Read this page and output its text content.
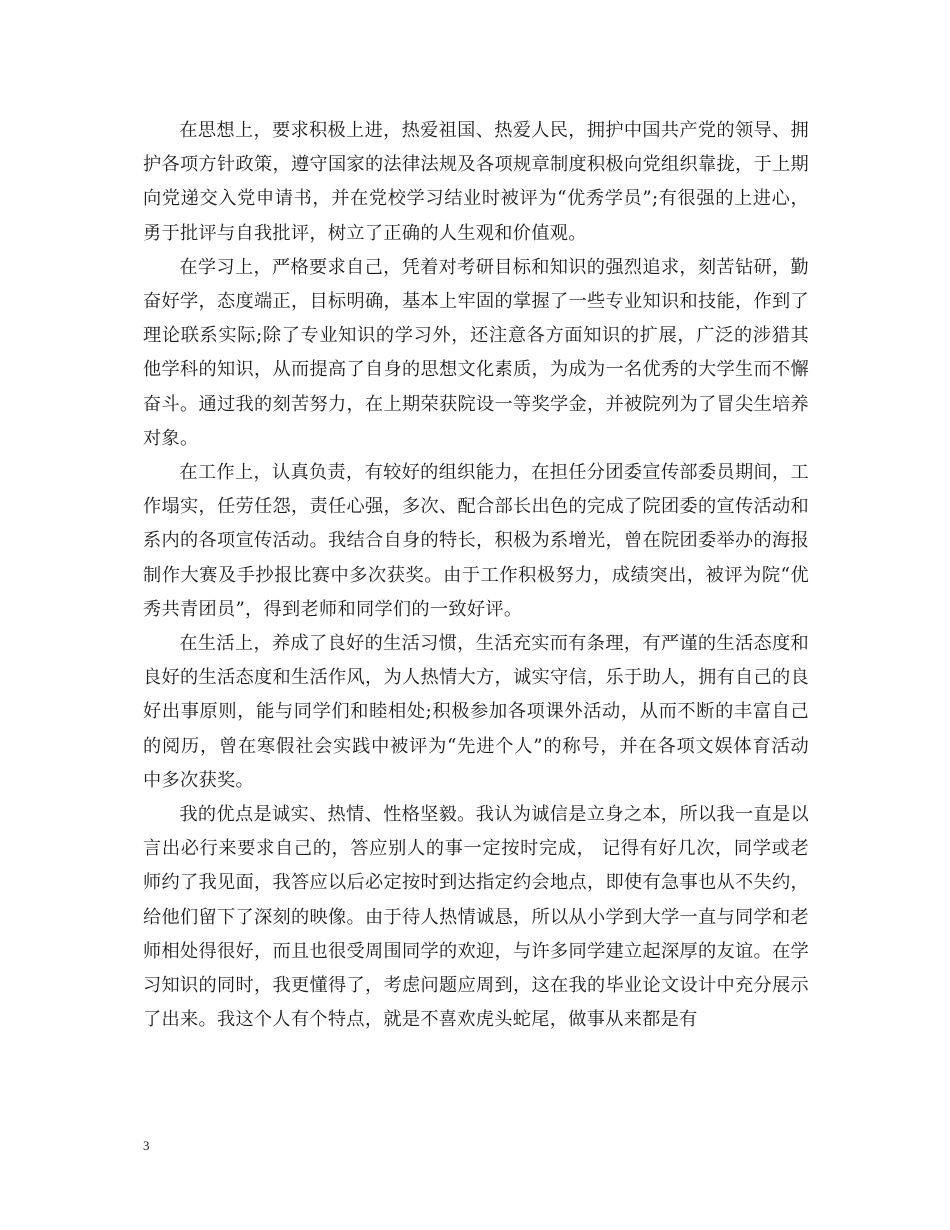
在思想上，要求积极上进，热爱祖国、热爱人民，拥护中国共产党的领导、拥护各项方针政策，遵守国家的法律法规及各项规章制度积极向党组织靠拢，于上期向党递交入党申请书，并在党校学习结业时被评为“优秀学员”;有很强的上进心，勇于批评与自我批评，树立了正确的人生观和价值观。

在学习上，严格要求自己，凭着对考研目标和知识的强烈追求，刻苦钻研，勤奋好学，态度端正，目标明确，基本上牢固的掌握了一些专业知识和技能，作到了理论联系实际;除了专业知识的学习外，还注意各方面知识的扩展，广泛的涉猎其他学科的知识，从而提高了自身的思想文化素质，为成为一名优秀的大学生而不懈奋斗。通过我的刻苦努力，在上期荣获院设一等奖学金，并被院列为了冒尖生培养对象。

在工作上，认真负责，有较好的组织能力，在担任分团委宣传部委员期间，工作塌实，任劳任怨，责任心强，多次、配合部长出色的完成了院团委的宣传活动和系内的各项宣传活动。我结合自身的特长，积极为系增光，曾在院团委举办的海报制作大赛及手抄报比赛中多次获奖。由于工作积极努力，成绩突出，被评为院“优秀共青团员”，得到老师和同学们的一致好评。

在生活上，养成了良好的生活习惯，生活充实而有条理，有严谨的生活态度和良好的生活态度和生活作风，为人热情大方，诚实守信，乐于助人，拥有自己的良好出事原则，能与同学们和睦相处;积极参加各项课外活动，从而不断的丰富自己的阅历，曾在寒假社会实践中被评为“先进个人”的称号，并在各项文娱体育活动中多次获奖。

我的优点是诚实、热情、性格坚毅。我认为诚信是立身之本，所以我一直是以言出必行来要求自己的，答应别人的事一定按时完成， 记得有好几次，同学或老师约了我见面，我答应以后必定按时到达指定约会地点，即使有急事也从不失约，给他们留下了深刻的映像。由于待人热情诚恳，所以从小学到大学一直与同学和老师相处得很好，而且也很受周围同学的欢迎，与许多同学建立起深厚的友谊。在学习知识的同时，我更懂得了，考虑问题应周到，这在我的毕业论文设计中充分展示了出来。我这个人有个特点，就是不喜欢虎头蛇尾，做事从来都是有

3
